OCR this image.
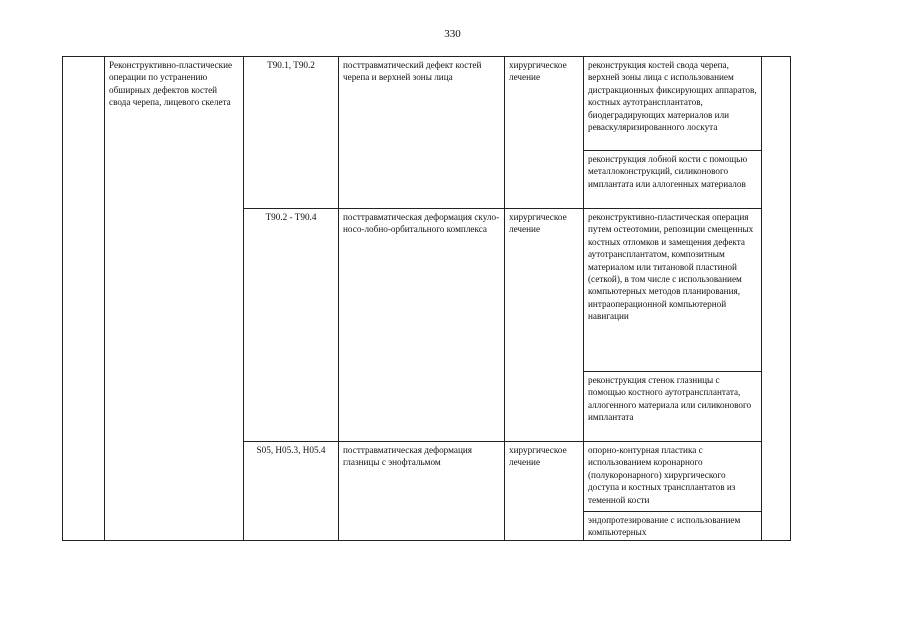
330

	Реконструктивно-пластические операции по устранению обширных дефектов костей свода черепа, лицевого скелета	T90.1, T90.2	посттравматический дефект костей черепа и верхней зоны лица	хирургическое лечение	реконструкция костей свода черепа, верхней зоны лица с использованием дистракционных фиксирующих аппаратов, костных аутотрансплантатов, биодеградирующих материалов или реваскуляризированного лоскута	

					реконструкция лобной кости с помощью металлоконструкций, силиконового имплантата или аллогенных материалов	

		T90.2 - T90.4	посттравматическая деформация скуло-носо-лобно-орбитального комплекса	хирургическое лечение	реконструктивно-пластическая операция путем остеотомии, репозиции смещенных костных отломков и замещения дефекта аутотрансплантатом, композитным материалом или титановой пластиной (сеткой), в том числе с использованием компьютерных методов планирования, интраоперационной компьютерной навигации	

					реконструкция стенок глазницы с помощью костного аутотрансплантата, аллогенного материала или силиконового имплантата	

		S05, H05.3, H05.4	посттравматическая деформация глазницы с энофтальмом	хирургическое лечение	опорно-контурная пластика с использованием коронарного (полукоронарного) хирургического доступа и костных трансплантатов из теменной кости	

					эндопротезирование с использованием компьютерных	
